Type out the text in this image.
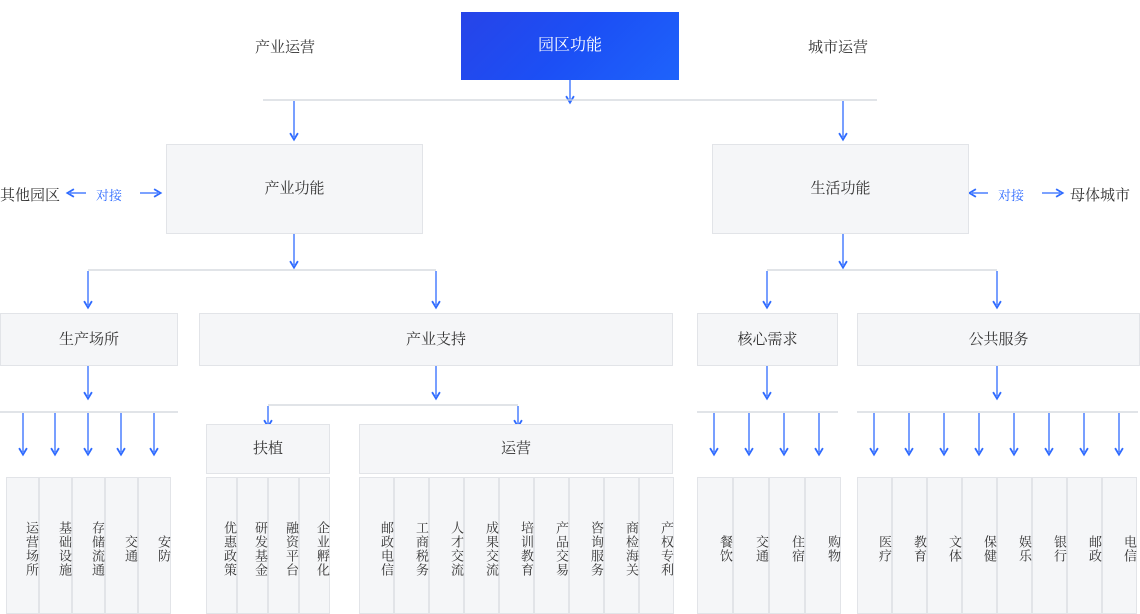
产业运营	园区功能	城市运营
其他园区	对接	对接	母体城市
产业功能	生活功能
生产场所	产业支持	核心需求	公共服务
扶植	运营
运营场所	基础设施	存储流通	交通	安防	优惠政策	研发基金	融资平台	企业孵化	邮政电信	工商税务	人才交流	成果交流	培训教育	产品交易	咨询服务	商检海关	产权专利	餐饮	交通	住宿	购物	医疗	教育	文体	保健	娱乐	银行	邮政	电信
